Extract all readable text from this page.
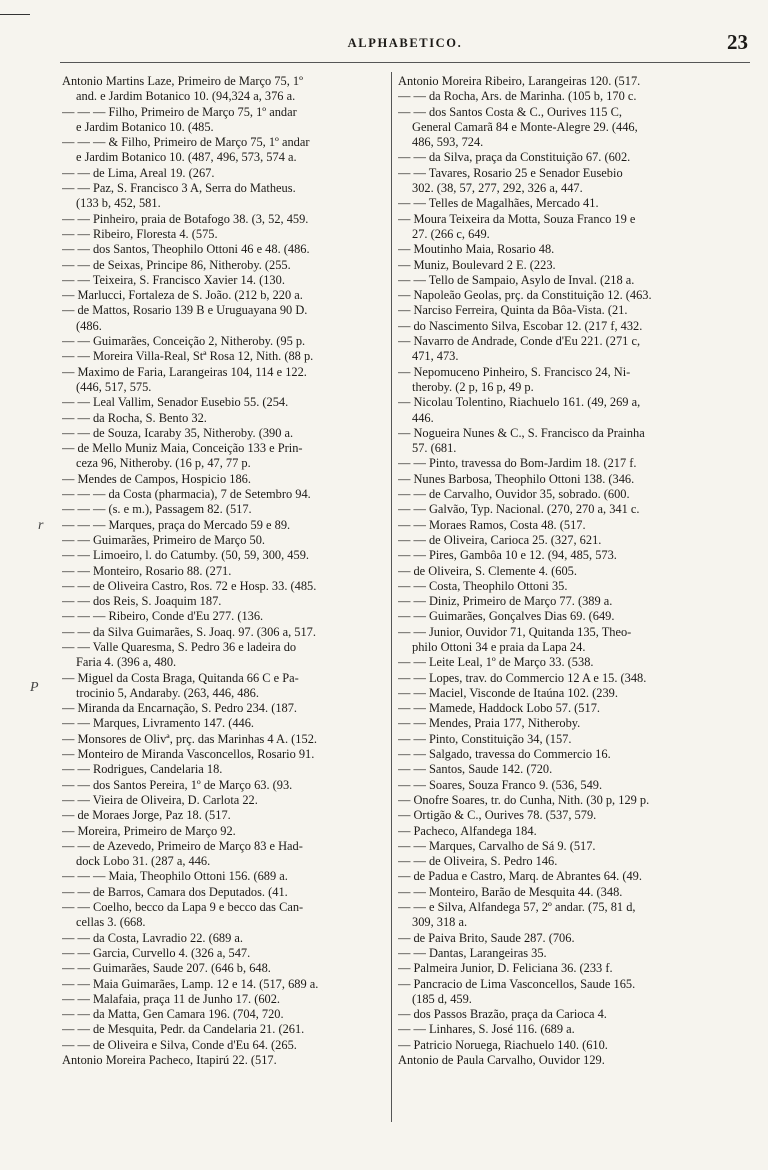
ALPHABETICO.	23
r
P
Antonio Martins Laze, Primeiro de Março 75, 1º
and. e Jardim Botanico 10. (94,324 a, 376 a.
— — — Filho, Primeiro de Março 75, 1º andar
e Jardim Botanico 10. (485.
— — — & Filho, Primeiro de Março 75, 1º andar
e Jardim Botanico 10. (487, 496, 573, 574 a.
— — de Lima, Areal 19. (267.
— — Paz, S. Francisco 3 A, Serra do Matheus.
(133 b, 452, 581.
— — Pinheiro, praia de Botafogo 38. (3, 52, 459.
— — Ribeiro, Floresta 4. (575.
— — dos Santos, Theophilo Ottoni 46 e 48. (486.
— — de Seixas, Principe 86, Nitheroby. (255.
— — Teixeira, S. Francisco Xavier 14. (130.
— Marlucci, Fortaleza de S. João. (212 b, 220 a.
— de Mattos, Rosario 139 B e Uruguayana 90 D.
(486.
— — Guimarães, Conceição 2, Nitheroby. (95 p.
— — Moreira Villa-Real, Stª Rosa 12, Nith. (88 p.
— Maximo de Faria, Larangeiras 104, 114 e 122.
(446, 517, 575.
— — Leal Vallim, Senador Eusebio 55. (254.
— — da Rocha, S. Bento 32.
— — de Souza, Icaraby 35, Nitheroby. (390 a.
— de Mello Muniz Maia, Conceição 133 e Prin-
ceza 96, Nitheroby. (16 p, 47, 77 p.
— Mendes de Campos, Hospicio 186.
— — — da Costa (pharmacia), 7 de Setembro 94.
— — — (s. e m.), Passagem 82. (517.
— — — Marques, praça do Mercado 59 e 89.
— — Guimarães, Primeiro de Março 50.
— — Limoeiro, l. do Catumby. (50, 59, 300, 459.
— — Monteiro, Rosario 88. (271.
— — de Oliveira Castro, Ros. 72 e Hosp. 33. (485.
— — dos Reis, S. Joaquim 187.
— — — Ribeiro, Conde d'Eu 277. (136.
— — da Silva Guimarães, S. Joaq. 97. (306 a, 517.
— — Valle Quaresma, S. Pedro 36 e ladeira do
Faria 4. (396 a, 480.
— Miguel da Costa Braga, Quitanda 66 C e Pa-
trocinio 5, Andaraby. (263, 446, 486.
— Miranda da Encarnação, S. Pedro 234. (187.
— — Marques, Livramento 147. (446.
— Monsores de Olivª, prç. das Marinhas 4 A. (152.
— Monteiro de Miranda Vasconcellos, Rosario 91.
— — Rodrigues, Candelaria 18.
— — dos Santos Pereira, 1º de Março 63. (93.
— — Vieira de Oliveira, D. Carlota 22.
— de Moraes Jorge, Paz 18. (517.
— Moreira, Primeiro de Março 92.
— — de Azevedo, Primeiro de Março 83 e Had-
dock Lobo 31. (287 a, 446.
— — — Maia, Theophilo Ottoni 156. (689 a.
— — de Barros, Camara dos Deputados. (41.
— — Coelho, becco da Lapa 9 e becco das Can-
cellas 3. (668.
— — da Costa, Lavradio 22. (689 a.
— — Garcia, Curvello 4. (326 a, 547.
— — Guimarães, Saude 207. (646 b, 648.
— — Maia Guimarães, Lamp. 12 e 14. (517, 689 a.
— — Malafaia, praça 11 de Junho 17. (602.
— — da Matta, Gen Camara 196. (704, 720.
— — de Mesquita, Pedr. da Candelaria 21. (261.
— — de Oliveira e Silva, Conde d'Eu 64. (265.
Antonio Moreira Pacheco, Itapirú 22. (517.
Antonio Moreira Ribeiro, Larangeiras 120. (517.
— — da Rocha, Ars. de Marinha. (105 b, 170 c.
— — dos Santos Costa & C., Ourives 115 C,
General Camarã 84 e Monte-Alegre 29. (446,
486, 593, 724.
— — da Silva, praça da Constituição 67. (602.
— — Tavares, Rosario 25 e Senador Eusebio
302. (38, 57, 277, 292, 326 a, 447.
— — Telles de Magalhães, Mercado 41.
— Moura Teixeira da Motta, Souza Franco 19 e
27. (266 c, 649.
— Moutinho Maia, Rosario 48.
— Muniz, Boulevard 2 E. (223.
— — Tello de Sampaio, Asylo de Inval. (218 a.
— Napoleão Geolas, prç. da Constituição 12. (463.
— Narciso Ferreira, Quinta da Bôa-Vista. (21.
— do Nascimento Silva, Escobar 12. (217 f, 432.
— Navarro de Andrade, Conde d'Eu 221. (271 c,
471, 473.
— Nepomuceno Pinheiro, S. Francisco 24, Ni-
theroby. (2 p, 16 p, 49 p.
— Nicolau Tolentino, Riachuelo 161. (49, 269 a,
446.
— Nogueira Nunes & C., S. Francisco da Prainha
57. (681.
— — Pinto, travessa do Bom-Jardim 18. (217 f.
— Nunes Barbosa, Theophilo Ottoni 138. (346.
— — de Carvalho, Ouvidor 35, sobrado. (600.
— — Galvão, Typ. Nacional. (270, 270 a, 341 c.
— — Moraes Ramos, Costa 48. (517.
— — de Oliveira, Carioca 25. (327, 621.
— — Pires, Gambôa 10 e 12. (94, 485, 573.
— de Oliveira, S. Clemente 4. (605.
— — Costa, Theophilo Ottoni 35.
— — Diniz, Primeiro de Março 77. (389 a.
— — Guimarães, Gonçalves Dias 69. (649.
— — Junior, Ouvidor 71, Quitanda 135, Theo-
philo Ottoni 34 e praia da Lapa 24.
— — Leite Leal, 1º de Março 33. (538.
— — Lopes, trav. do Commercio 12 A e 15. (348.
— — Maciel, Visconde de Itaúna 102. (239.
— — Mamede, Haddock Lobo 57. (517.
— — Mendes, Praia 177, Nitheroby.
— — Pinto, Constituição 34, (157.
— — Salgado, travessa do Commercio 16.
— — Santos, Saude 142. (720.
— — Soares, Souza Franco 9. (536, 549.
— Onofre Soares, tr. do Cunha, Nith. (30 p, 129 p.
— Ortigão & C., Ourives 78. (537, 579.
— Pacheco, Alfandega 184.
— — Marques, Carvalho de Sá 9. (517.
— — de Oliveira, S. Pedro 146.
— de Padua e Castro, Marq. de Abrantes 64. (49.
— — Monteiro, Barão de Mesquita 44. (348.
— — e Silva, Alfandega 57, 2º andar. (75, 81 d,
309, 318 a.
— de Paiva Brito, Saude 287. (706.
— — Dantas, Larangeiras 35.
— Palmeira Junior, D. Feliciana 36. (233 f.
— Pancracio de Lima Vasconcellos, Saude 165.
(185 d, 459.
— dos Passos Brazão, praça da Carioca 4.
— — Linhares, S. José 116. (689 a.
— Patricio Noruega, Riachuelo 140. (610.
Antonio de Paula Carvalho, Ouvidor 129.
